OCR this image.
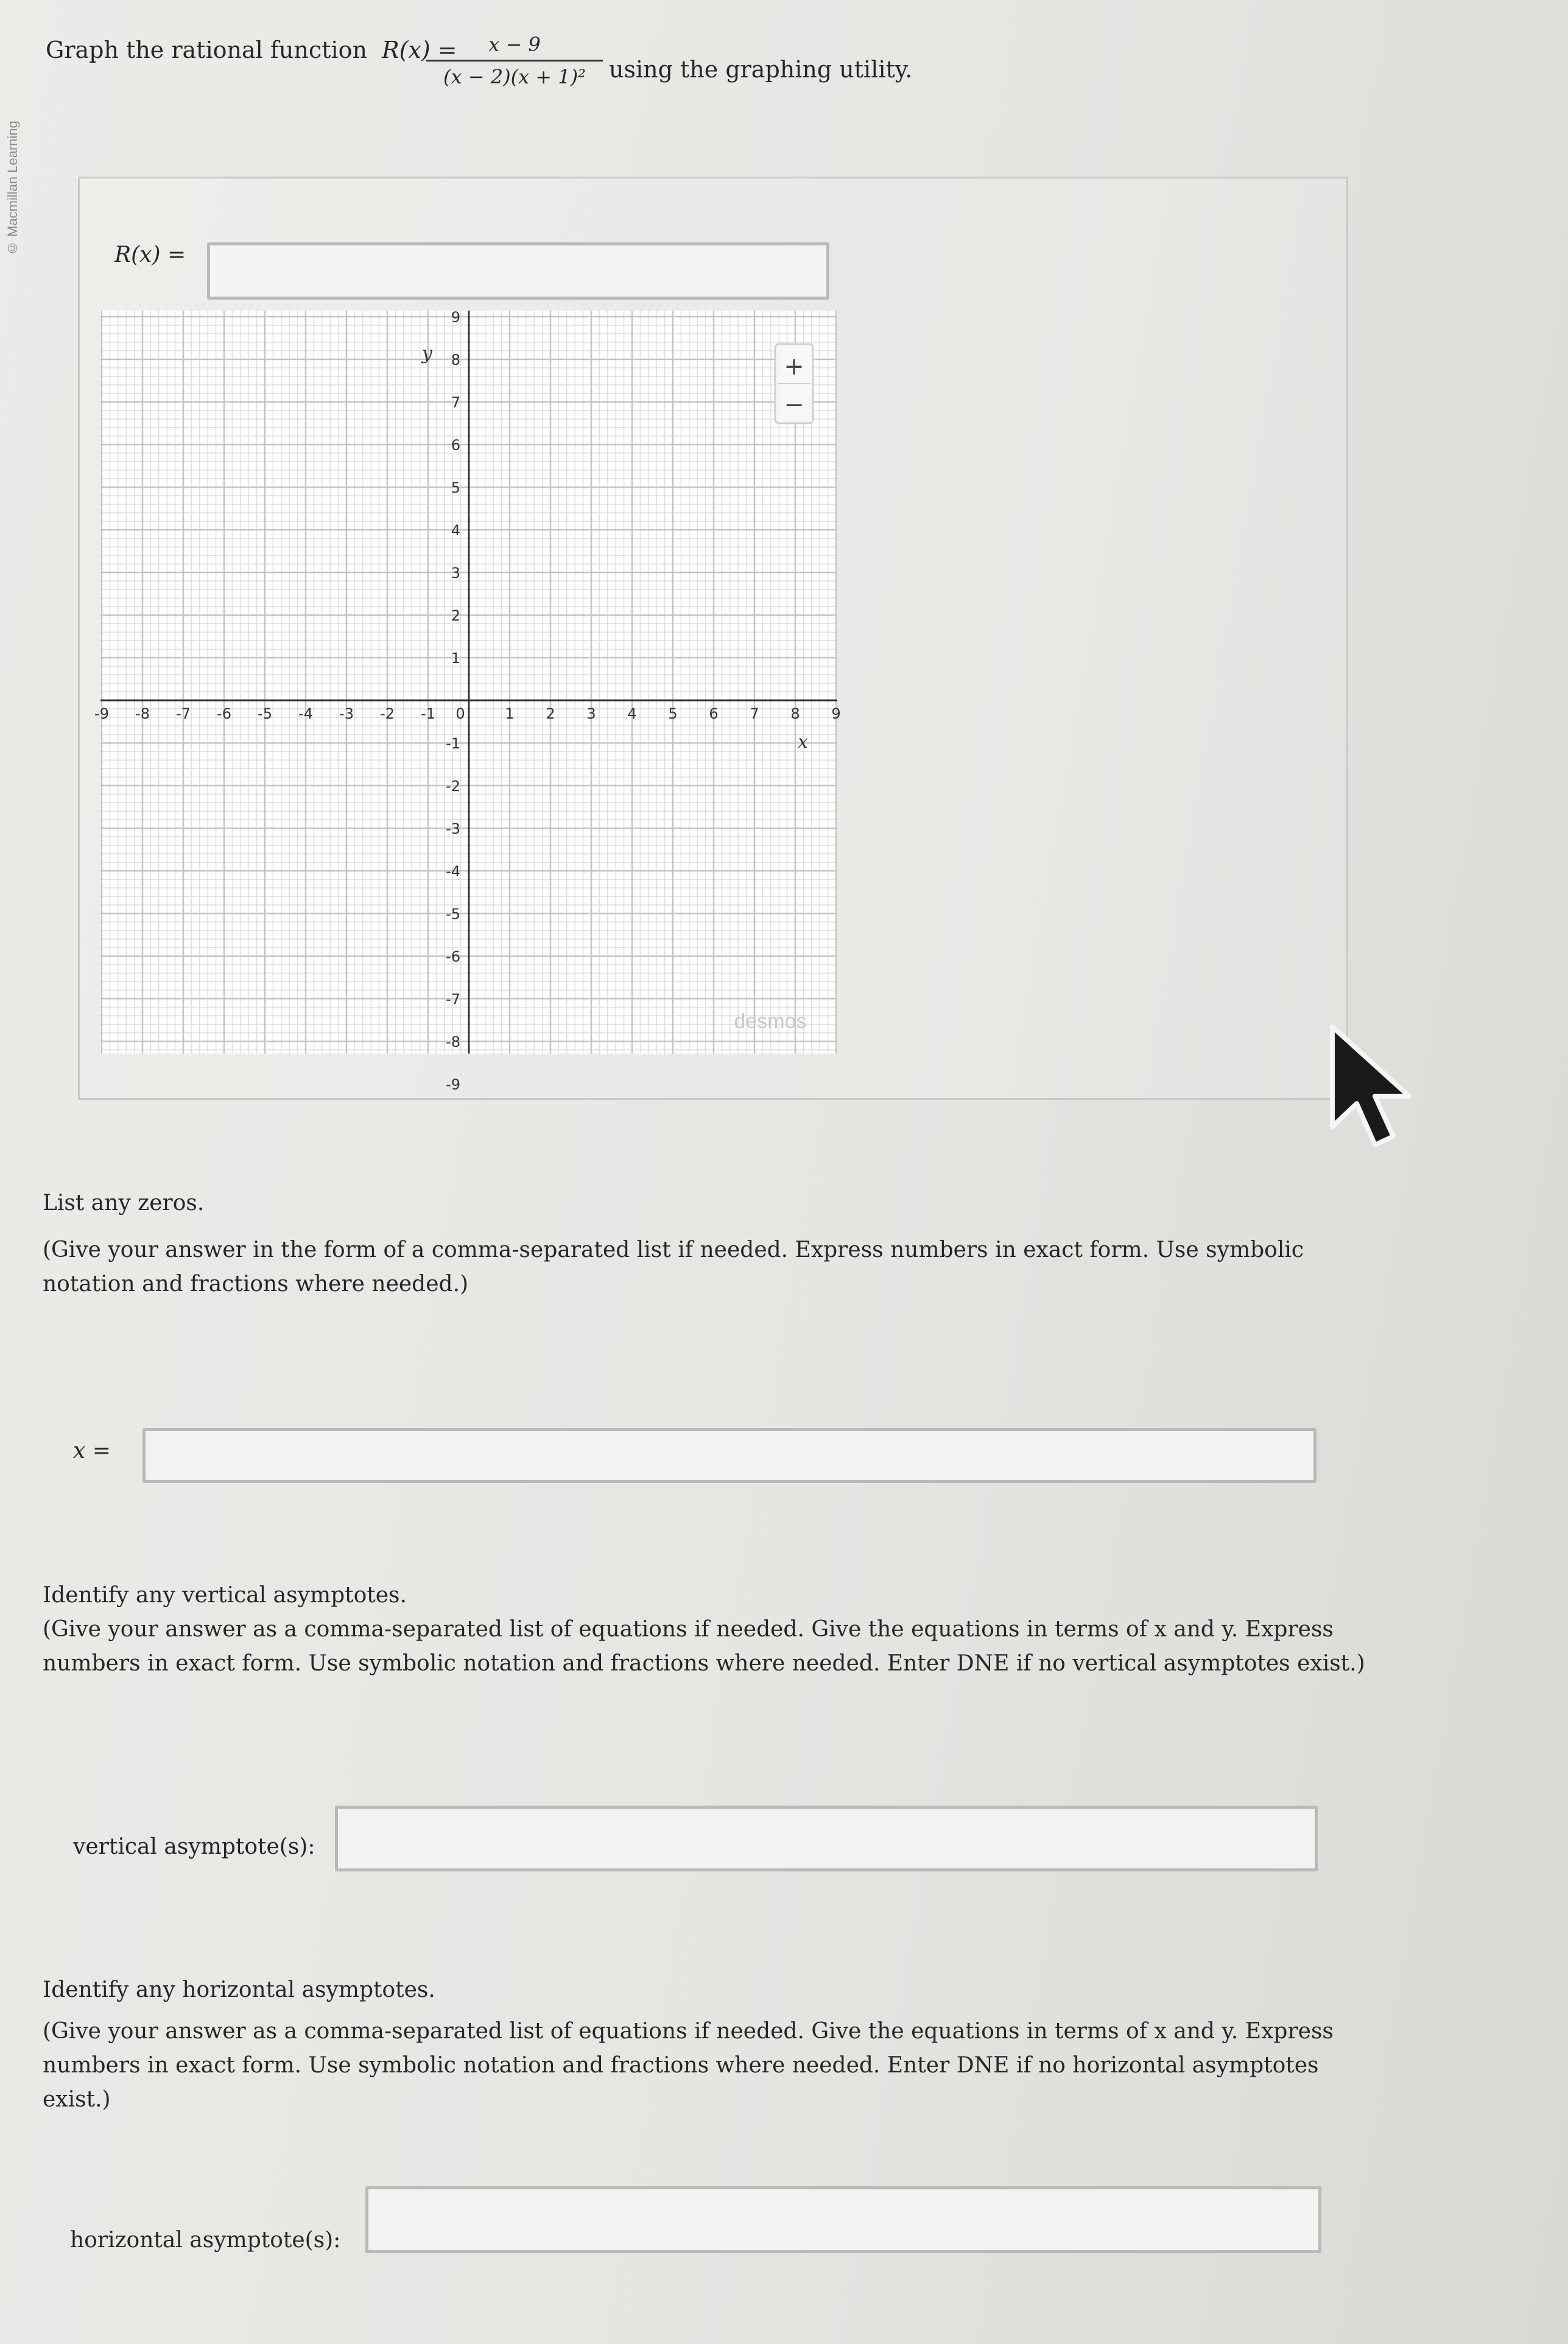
© Macmillan Learning
Graph the rational function R(x) =	x − 9
(x − 2)(x + 1)²	using the graphing utility.
R(x) =
-9 -8 -7 -6 -5 -4 -3 -2 -1 0	1 2 3 4 5 6 7 8 9
9
8
7
6
5
4
3
2
1
-1
-2
-3
-4
-5
-6
-7
-8
-9
x
y	+
−
desmos
List any zeros.
(Give your answer in the form of a comma-separated list if needed. Express numbers in exact form. Use symbolic notation and fractions where needed.)
x =
Identify any vertical asymptotes.
(Give your answer as a comma-separated list of equations if needed. Give the equations in terms of x and y. Express numbers in exact form. Use symbolic notation and fractions where needed. Enter DNE if no vertical asymptotes exist.)
vertical asymptote(s):
Identify any horizontal asymptotes.
(Give your answer as a comma-separated list of equations if needed. Give the equations in terms of x and y. Express numbers in exact form. Use symbolic notation and fractions where needed. Enter DNE if no horizontal asymptotes exist.)
horizontal asymptote(s):
